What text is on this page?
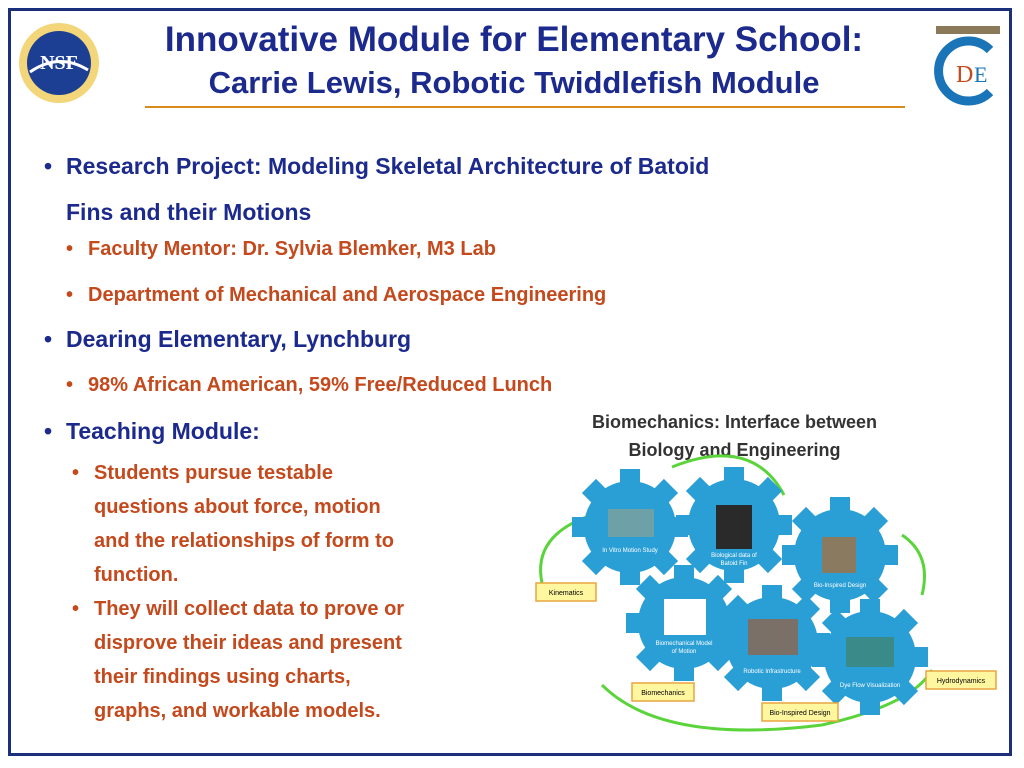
NSF	D E
Innovative Module for Elementary School:
Carrie Lewis, Robotic Twiddlefish Module
• Research Project: Modeling Skeletal Architecture of Batoid
Fins and their Motions
• Faculty Mentor: Dr. Sylvia Blemker, M3 Lab
• Department of Mechanical and Aerospace Engineering
• Dearing Elementary, Lynchburg
• 98% African American, 59% Free/Reduced Lunch
• Teaching Module:
• Students pursue testable
questions about force, motion
and the relationships of form to
function.
• They will collect data to prove or
disprove their ideas and present
their findings using charts,
graphs, and workable models.
Biomechanics: Interface between
Biology and Engineering
In Vitro Motion Study
Biological data of
Batoid Fin
Bio-Inspired Design
Biomechanical Model
of Motion
Robotic Infrastructure
Dye Flow Visualization
Kinematics
Biomechanics
Bio-Inspired Design
Hydrodynamics
